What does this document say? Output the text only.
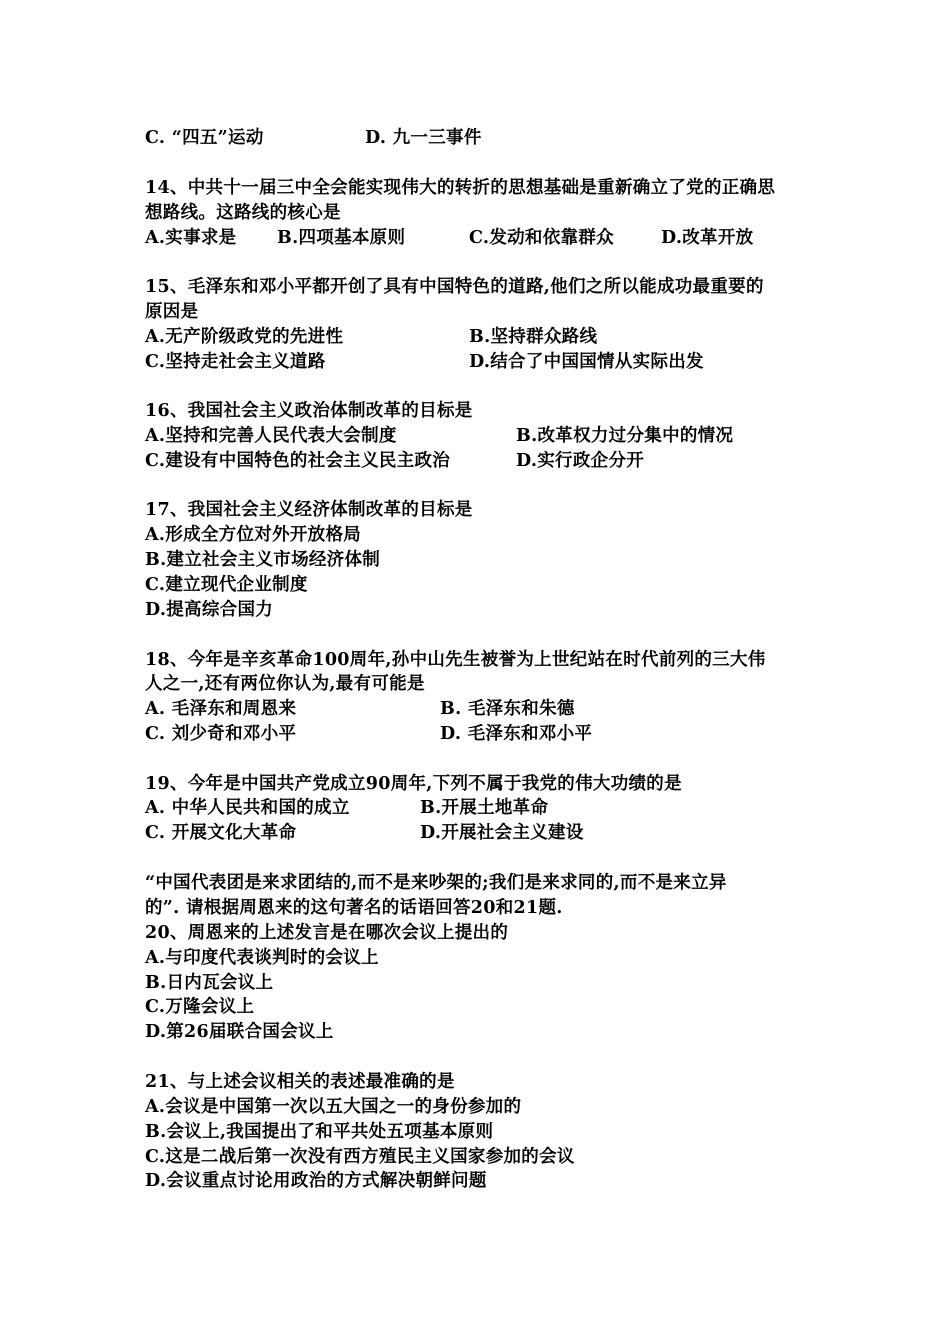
C. “四五”运动	D. 九一三事件
14、中共十一届三中全会能实现伟大的转折的思想基础是重新确立了党的正确思
想路线。这路线的核心是
A.实事求是 B.四项基本原则	C.发动和依靠群众	D.改革开放
15、毛泽东和邓小平都开创了具有中国特色的道路,他们之所以能成功最重要的
原因是
A.无产阶级政党的先进性	B.坚持群众路线
C.坚持走社会主义道路	D.结合了中国国情从实际出发
16、我国社会主义政治体制改革的目标是
A.坚持和完善人民代表大会制度	B.改革权力过分集中的情况
C.建设有中国特色的社会主义民主政治	D.实行政企分开
17、我国社会主义经济体制改革的目标是
A.形成全方位对外开放格局
B.建立社会主义市场经济体制
C.建立现代企业制度
D.提高综合国力
18、今年是辛亥革命100周年,孙中山先生被誉为上世纪站在时代前列的三大伟
人之一,还有两位你认为,最有可能是
A. 毛泽东和周恩来	B. 毛泽东和朱德
C. 刘少奇和邓小平	D. 毛泽东和邓小平
19、今年是中国共产党成立90周年,下列不属于我党的伟大功绩的是
A. 中华人民共和国的成立	B.开展土地革命
C. 开展文化大革命	D.开展社会主义建设
“中国代表团是来求团结的,而不是来吵架的;我们是来求同的,而不是来立异
的”. 请根据周恩来的这句著名的话语回答20和21题.
20、周恩来的上述发言是在哪次会议上提出的
A.与印度代表谈判时的会议上
B.日内瓦会议上
C.万隆会议上
D.第26届联合国会议上
21、与上述会议相关的表述最准确的是
A.会议是中国第一次以五大国之一的身份参加的
B.会议上,我国提出了和平共处五项基本原则
C.这是二战后第一次没有西方殖民主义国家参加的会议
D.会议重点讨论用政治的方式解决朝鲜问题
